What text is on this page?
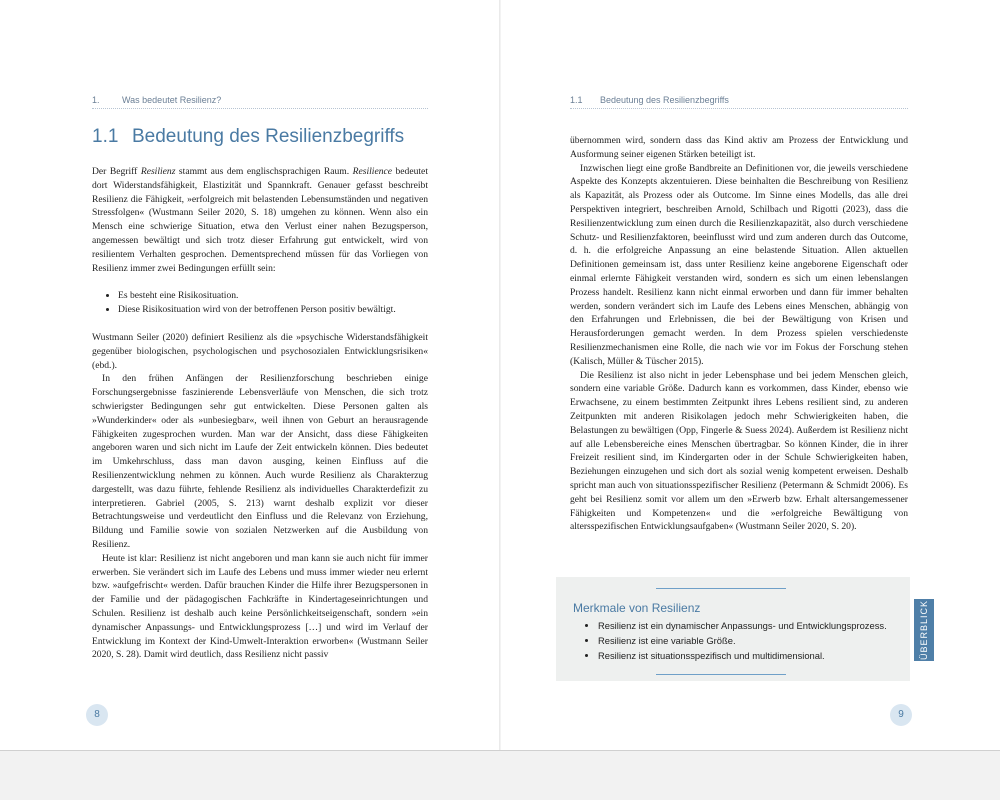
1. Was bedeutet Resilienz?
1.1 Bedeutung des Resilienzbegriffs

Der Begriff Resilienz stammt aus dem englischsprachigen Raum. Resilience bedeutet dort Widerstandsfähigkeit, Elastizität und Spannkraft. Genauer gefasst beschreibt Resilienz die Fähigkeit, »erfolgreich mit belastenden Lebensumständen und negativen Stressfolgen« (Wustmann Seiler 2020, S. 18) umgehen zu können. Wenn also ein Mensch eine schwierige Situation, etwa den Verlust einer nahen Bezugsperson, angemessen bewältigt und sich trotz dieser Erfahrung gut entwickelt, wird von resilientem Verhalten gesprochen. Dementsprechend müssen für das Vorliegen von Resilienz immer zwei Bedingungen erfüllt sein:

• Es besteht eine Risikosituation.
• Diese Risikosituation wird von der betroffenen Person positiv bewältigt.

Wustmann Seiler (2020) definiert Resilienz als die »psychische Widerstandsfähigkeit gegenüber biologischen, psychologischen und psychosozialen Entwicklungsrisiken« (ebd.).

In den frühen Anfängen der Resilienzforschung beschrieben einige Forschungsergebnisse faszinierende Lebensverläufe von Menschen, die sich trotz schwierigster Bedingungen sehr gut entwickelten. Diese Personen galten als »Wunderkinder« oder als »unbesiegbar«, weil ihnen von Geburt an herausragende Fähigkeiten zugesprochen wurden. Man war der Ansicht, dass diese Fähigkeiten angeboren waren und sich nicht im Laufe der Zeit entwickeln können. Dies bedeutet im Umkehrschluss, dass man davon ausging, keinen Einfluss auf die Resilienzentwicklung nehmen zu können. Auch wurde Resilienz als Charakterzug dargestellt, was dazu führte, fehlende Resilienz als individuelles Charakterdefizit zu interpretieren. Gabriel (2005, S. 213) warnt deshalb explizit vor dieser Betrachtungsweise und verdeutlicht den Einfluss und die Relevanz von Erziehung, Bildung und Familie sowie von sozialen Netzwerken auf die Ausbildung von Resilienz.

Heute ist klar: Resilienz ist nicht angeboren und man kann sie auch nicht für immer erwerben. Sie verändert sich im Laufe des Lebens und muss immer wieder neu erlernt bzw. »aufgefrischt« werden. Dafür brauchen Kinder die Hilfe ihrer Bezugspersonen in der Familie und der pädagogischen Fachkräfte in Kindertageseinrichtungen und Schulen. Resilienz ist deshalb auch keine Persönlichkeitseigenschaft, sondern »ein dynamischer Anpassungs- und Entwicklungsprozess […] und wird im Verlauf der Entwicklung im Kontext der Kind-Umwelt-Interaktion erworben« (Wustmann Seiler 2020, S. 28). Damit wird deutlich, dass Resilienz nicht passiv

8
1.1 Bedeutung des Resilienzbegriffs

übernommen wird, sondern dass das Kind aktiv am Prozess der Entwicklung und Ausformung seiner eigenen Stärken beteiligt ist.

Inzwischen liegt eine große Bandbreite an Definitionen vor, die jeweils verschiedene Aspekte des Konzepts akzentuieren. Diese beinhalten die Beschreibung von Resilienz als Kapazität, als Prozess oder als Outcome. Im Sinne eines Modells, das alle drei Perspektiven integriert, beschreiben Arnold, Schilbach und Rigotti (2023), dass die Resilienzentwicklung zum einen durch die Resilienzkapazität, also durch verschiedene Schutz- und Resilienzfaktoren, beeinflusst wird und zum anderen durch das Outcome, d. h. die erfolgreiche Anpassung an eine belastende Situation. Allen aktuellen Definitionen gemeinsam ist, dass unter Resilienz keine angeborene Eigenschaft oder einmal erlernte Fähigkeit verstanden wird, sondern es sich um einen lebenslangen Prozess handelt. Resilienz kann nicht einmal erworben und dann für immer behalten werden, sondern verändert sich im Laufe des Lebens eines Menschen, abhängig von den Erfahrungen und Erlebnissen, die bei der Bewältigung von Krisen und Herausforderungen gemacht werden. In dem Prozess spielen verschiedenste Resilienzmechanismen eine Rolle, die nach wie vor im Fokus der Forschung stehen (Kalisch, Müller & Tüscher 2015).

Die Resilienz ist also nicht in jeder Lebensphase und bei jedem Menschen gleich, sondern eine variable Größe. Dadurch kann es vorkommen, dass Kinder, ebenso wie Erwachsene, zu einem bestimmten Zeitpunkt ihres Lebens resilient sind, zu anderen Zeitpunkten mit anderen Risikolagen jedoch mehr Schwierigkeiten haben, die Belastungen zu bewältigen (Opp, Fingerle & Suess 2024). Außerdem ist Resilienz nicht auf alle Lebensbereiche eines Menschen übertragbar. So können Kinder, die in ihrer Freizeit resilient sind, im Kindergarten oder in der Schule Schwierigkeiten haben, Beziehungen einzugehen und sich dort als sozial wenig kompetent erweisen. Deshalb spricht man auch von situationsspezifischer Resilienz (Petermann & Schmidt 2006). Es geht bei Resilienz somit vor allem um den »Erwerb bzw. Erhalt altersangemessener Fähigkeiten und Kompetenzen« und die »erfolgreiche Bewältigung von altersspezifischen Entwicklungsaufgaben« (Wustmann Seiler 2020, S. 20).

Merkmale von Resilienz
• Resilienz ist ein dynamischer Anpassungs- und Entwicklungsprozess.
• Resilienz ist eine variable Größe.
• Resilienz ist situationsspezifisch und multidimensional.	ÜBERBLICK
9
